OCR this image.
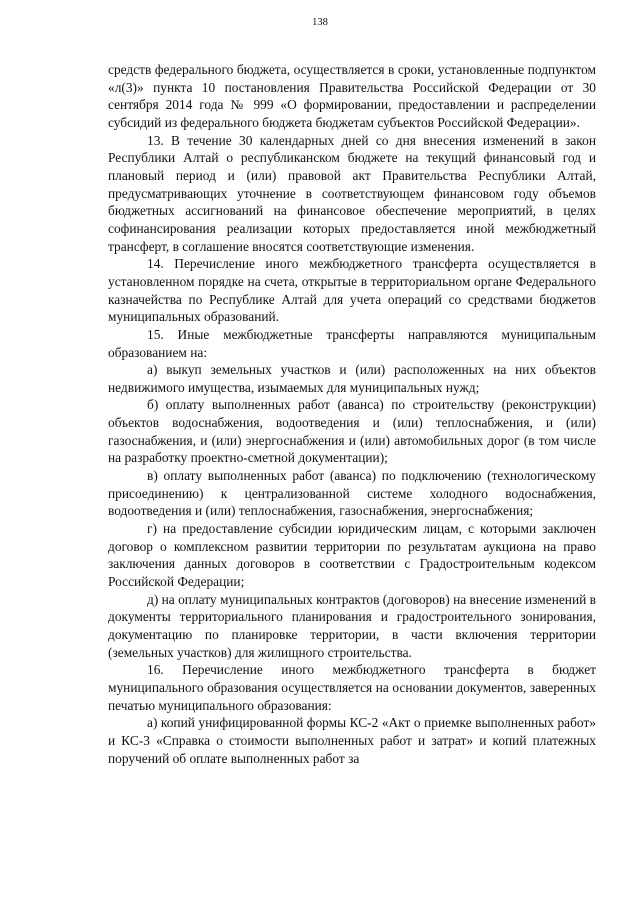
138

средств федерального бюджета, осуществляется в сроки, установленные подпунктом «л(3)» пункта 10 постановления Правительства Российской Федерации от 30 сентября 2014 года № 999 «О формировании, предоставлении и распределении субсидий из федерального бюджета бюджетам субъектов Российской Федерации».

13. В течение 30 календарных дней со дня внесения изменений в закон Республики Алтай о республиканском бюджете на текущий финансовый год и плановый период и (или) правовой акт Правительства Республики Алтай, предусматривающих уточнение в соответствующем финансовом году объемов бюджетных ассигнований на финансовое обеспечение мероприятий, в целях софинансирования реализации которых предоставляется иной межбюджетный трансферт, в соглашение вносятся соответствующие изменения.

14. Перечисление иного межбюджетного трансферта осуществляется в установленном порядке на счета, открытые в территориальном органе Федерального казначейства по Республике Алтай для учета операций со средствами бюджетов муниципальных образований.

15. Иные межбюджетные трансферты направляются муниципальным образованием на:

а) выкуп земельных участков и (или) расположенных на них объектов недвижимого имущества, изымаемых для муниципальных нужд;

б) оплату выполненных работ (аванса) по строительству (реконструкции) объектов водоснабжения, водоотведения и (или) теплоснабжения, и (или) газоснабжения, и (или) энергоснабжения и (или) автомобильных дорог (в том числе на разработку проектно-сметной документации);

в) оплату выполненных работ (аванса) по подключению (технологическому присоединению) к централизованной системе холодного водоснабжения, водоотведения и (или) теплоснабжения, газоснабжения, энергоснабжения;

г) на предоставление субсидии юридическим лицам, с которыми заключен договор о комплексном развитии территории по результатам аукциона на право заключения данных договоров в соответствии с Градостроительным кодексом Российской Федерации;

д) на оплату муниципальных контрактов (договоров) на внесение изменений в документы территориального планирования и градостроительного зонирования, документацию по планировке территории, в части включения территории (земельных участков) для жилищного строительства.

16. Перечисление иного межбюджетного трансферта в бюджет муниципального образования осуществляется на основании документов, заверенных печатью муниципального образования:

а) копий унифицированной формы КС-2 «Акт о приемке выполненных работ» и КС-3 «Справка о стоимости выполненных работ и затрат» и копий платежных поручений об оплате выполненных работ за
